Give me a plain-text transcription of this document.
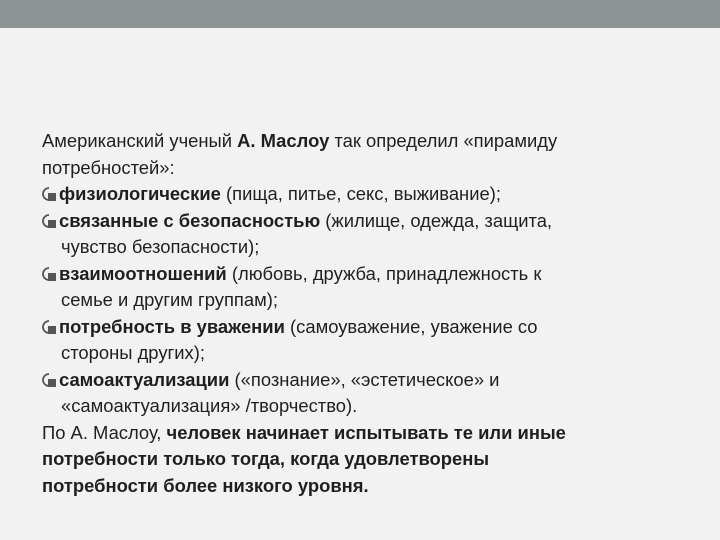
Американский ученый А. Маслоу так определил «пирамиду
потребностей»:
физиологические (пища, питье, секс, выживание);
связанные с безопасностью (жилище, одежда, защита,
чувство безопасности);
взаимоотношений (любовь, дружба, принадлежность к
семье и другим группам);
потребность в уважении (самоуважение, уважение со
стороны других);
самоактуализации («познание», «эстетическое» и
«самоактуализация» /творчество).
По А. Маслоу, человек начинает испытывать те или иные
потребности только тогда, когда удовлетворены
потребности более низкого уровня.
